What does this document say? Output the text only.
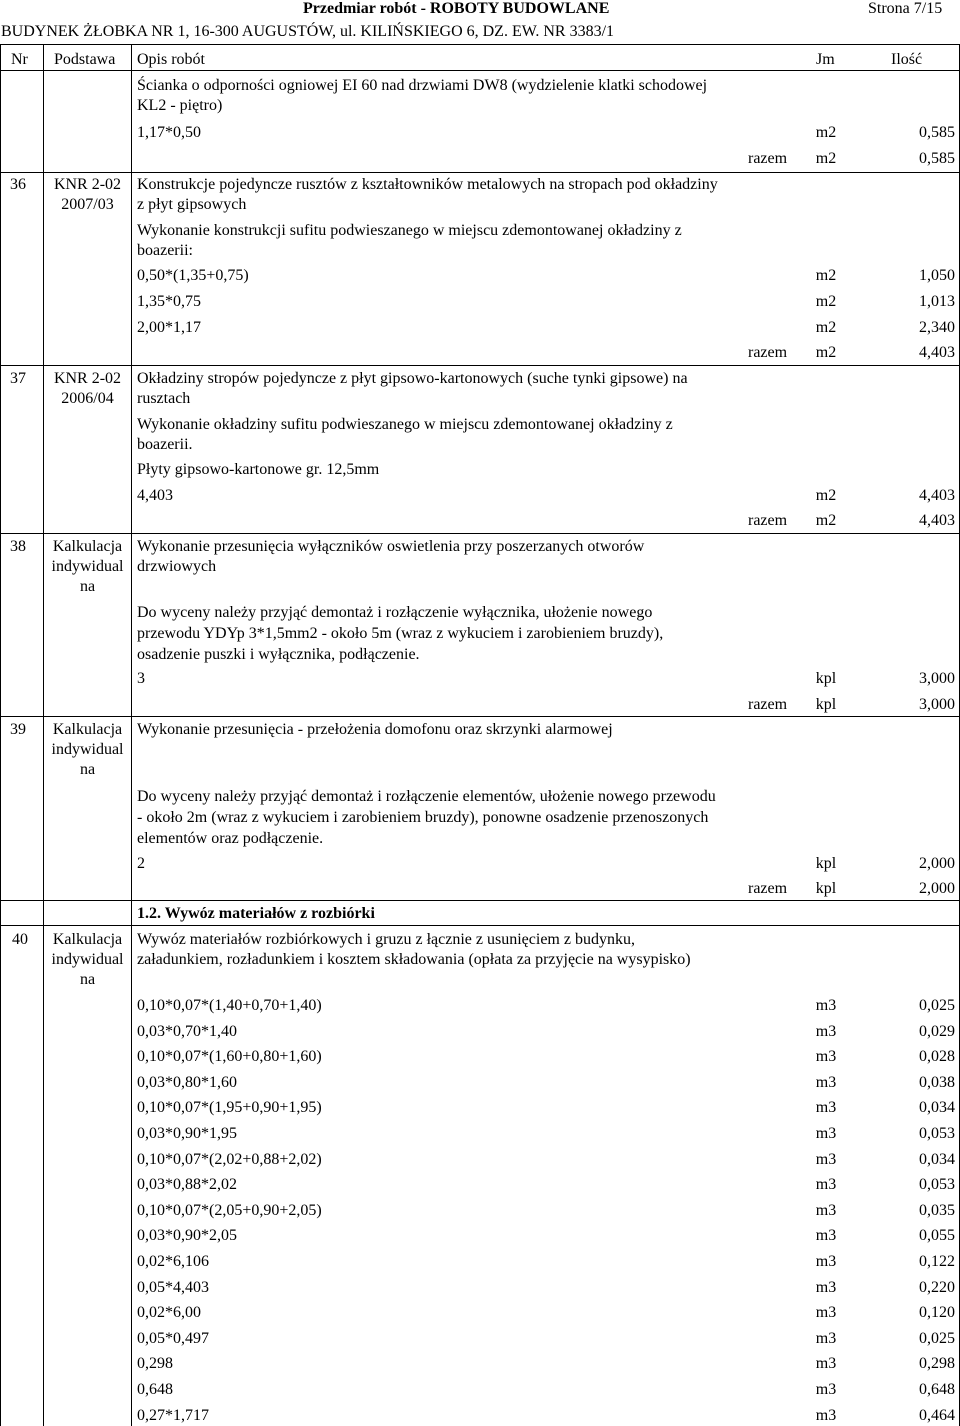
Przedmiar robót - ROBOTY BUDOWLANE	Strona 7/15
BUDYNEK ŻŁOBKA NR 1, 16-300 AUGUSTÓW, ul. KILIŃSKIEGO 6, DZ. EW. NR 3383/1
Nr Podstawa Opis robót	Jm	Ilość
Ścianka o odporności ogniowej EI 60 nad drzwiami DW8 (wydzielenie klatki schodowej
KL2 - piętro)
1,17*0,50	m2	0,585
razem	m2	0,585
36	KNR 2-02
2007/03
Konstrukcje pojedyncze rusztów z kształtowników metalowych na stropach pod okładziny
z płyt gipsowych
Wykonanie konstrukcji sufitu podwieszanego w miejscu zdemontowanej okładziny z
boazerii:
0,50*(1,35+0,75)	m2	1,050
1,35*0,75	m2	1,013
2,00*1,17	m2	2,340
razem	m2	4,403
37	KNR 2-02
2006/04
Okładziny stropów pojedyncze z płyt gipsowo-kartonowych (suche tynki gipsowe) na
rusztach
Wykonanie okładziny sufitu podwieszanego w miejscu zdemontowanej okładziny z
boazerii.
Płyty gipsowo-kartonowe gr. 12,5mm
4,403	m2	4,403
razem	m2	4,403
38	Kalkulacja
indywidual
na
Wykonanie przesunięcia wyłączników oswietlenia przy poszerzanych otworów
drzwiowych
Do wyceny należy przyjąć demontaż i rozłączenie wyłącznika, ułożenie nowego
przewodu YDYp 3*1,5mm2 - około 5m (wraz z wykuciem i zarobieniem bruzdy),
osadzenie puszki i wyłącznika, podłączenie.
3	kpl	3,000
razem	kpl	3,000
39	Kalkulacja
indywidual
na
Wykonanie przesunięcia - przełożenia domofonu oraz skrzynki alarmowej
Do wyceny należy przyjąć demontaż i rozłączenie elementów, ułożenie nowego przewodu
- około 2m (wraz z wykuciem i zarobieniem bruzdy), ponowne osadzenie przenoszonych
elementów oraz podłączenie.
2	kpl	2,000
razem	kpl	2,000
1.2. Wywóz materiałów z rozbiórki
40	Kalkulacja
indywidual
na
Wywóz materiałów rozbiórkowych i gruzu z łącznie z usunięciem z budynku,
załadunkiem, rozładunkiem i kosztem składowania (opłata za przyjęcie na wysypisko)
0,10*0,07*(1,40+0,70+1,40)	m3	0,025
0,03*0,70*1,40	m3	0,029
0,10*0,07*(1,60+0,80+1,60)	m3	0,028
0,03*0,80*1,60	m3	0,038
0,10*0,07*(1,95+0,90+1,95)	m3	0,034
0,03*0,90*1,95	m3	0,053
0,10*0,07*(2,02+0,88+2,02)	m3	0,034
0,03*0,88*2,02	m3	0,053
0,10*0,07*(2,05+0,90+2,05)	m3	0,035
0,03*0,90*2,05	m3	0,055
0,02*6,106	m3	0,122
0,05*4,403	m3	0,220
0,02*6,00	m3	0,120
0,05*0,497	m3	0,025
0,298	m3	0,298
0,648	m3	0,648
0,27*1,717	m3	0,464
